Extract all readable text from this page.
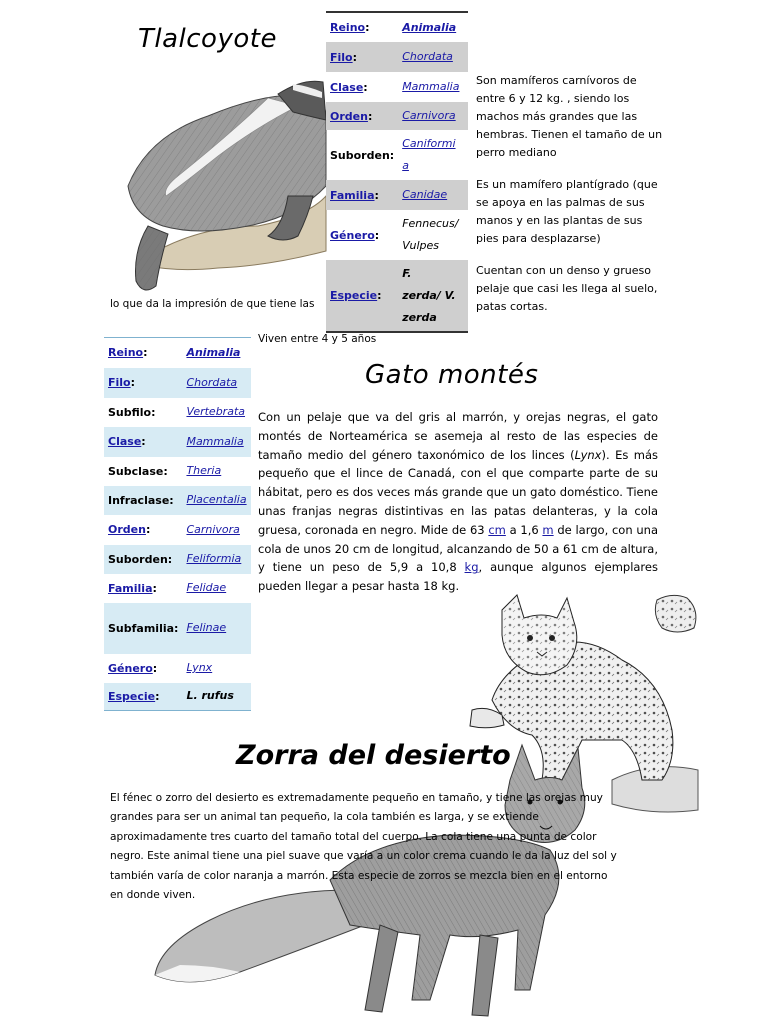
Tlalcoyote
lo que da la impresión de que tiene las
Reino:	Animalia
Filo:	Chordata
Clase:	Mammalia
Orden:	Carnivora
Suborden:	Caniformi
a
Familia:	Canidae
Género:	Fennecus/
Vulpes
Especie:	F.
zerda/ V.
zerda
Son mamíferos carnívoros de entre 6 y 12 kg. , siendo los machos más grandes que las hembras. Tienen el tamaño de un perro mediano
Es un mamífero plantígrado (que se apoya en las palmas de sus manos y en las plantas de sus pies para desplazarse)
Cuentan con un denso y grueso pelaje que casi les llega al suelo, patas cortas.
Viven entre 4 y 5 años
Reino:	Animalia
Filo:	Chordata
Subfilo:	Vertebrata
Clase:	Mammalia
Subclase:	Theria
Infraclase:	Placentalia
Orden:	Carnivora
Suborden:	Feliformia
Familia:	Felidae
Subfamilia:	Felinae
Género:	Lynx
Especie:	L. rufus
Gato montés
Con un pelaje que va del gris al marrón, y orejas negras, el gato montés de Norteamérica se asemeja al resto de las especies de tamaño medio del género taxonómico de los linces (Lynx). Es más pequeño que el lince de Canadá, con el que comparte parte de su hábitat, pero es dos veces más grande que un gato doméstico. Tiene unas franjas negras distintivas en las patas delanteras, y la cola gruesa, coronada en negro. Mide de 63 cm a 1,6 m de largo, con una cola de unos 20 cm de longitud, alcanzando de 50 a 61 cm de altura, y tiene un peso de 5,9 a 10,8 kg, aunque algunos ejemplares pueden llegar a pesar hasta 18 kg.
Zorra del desierto
El fénec o zorro del desierto es extremadamente pequeño en tamaño, y tiene las orejas muy
grandes para ser un animal tan pequeño, la cola también es larga, y se extiende
aproximadamente tres cuarto del tamaño total del cuerpo. La cola tiene una punta de color
negro. Este animal tiene una piel suave que varía a un color crema cuando le da la luz del sol y
también varía de color naranja a marrón. Esta especie de zorros se mezcla bien en el entorno
en donde viven.
